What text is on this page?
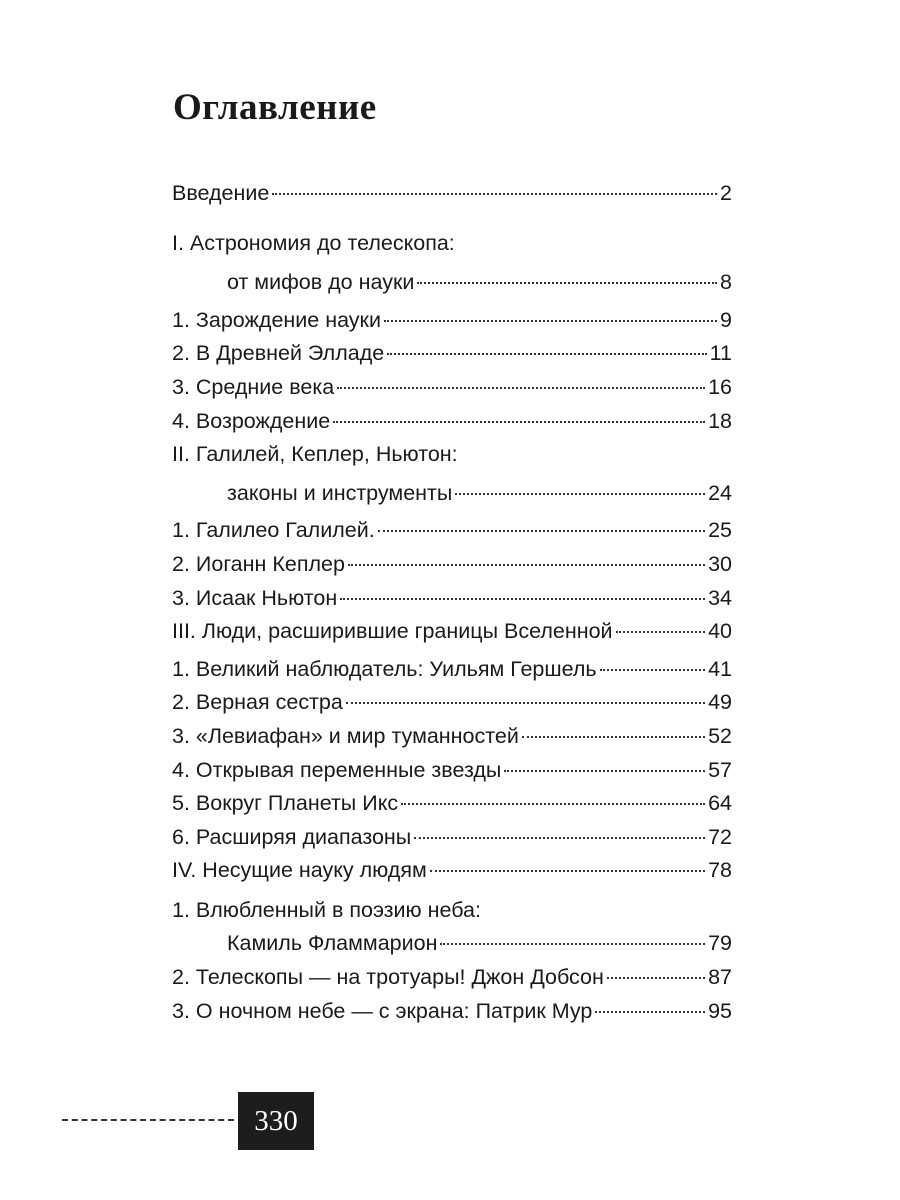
Оглавление
Введение	2
I. Астрономия до телескопа:
от мифов до науки	8
1. Зарождение науки	9
2. В Древней Элладе	11
3. Средние века	16
4. Возрождение	18
II. Галилей, Кеплер, Ньютон:
законы и инструменты	24
1. Галилео Галилей.	25
2. Иоганн Кеплер	30
3. Исаак Ньютон	34
III. Люди, расширившие границы Вселенной	40
1. Великий наблюдатель: Уильям Гершель	41
2. Верная сестра	49
3. «Левиафан» и мир туманностей	52
4. Открывая переменные звезды	57
5. Вокруг Планеты Икс	64
6. Расширяя диапазоны	72
IV. Несущие науку людям	78
1. Влюбленный в поэзию неба:
Камиль Фламмарион	79
2. Телескопы — на тротуары! Джон Добсон	87
3. О ночном небе — с экрана: Патрик Мур	95
330
